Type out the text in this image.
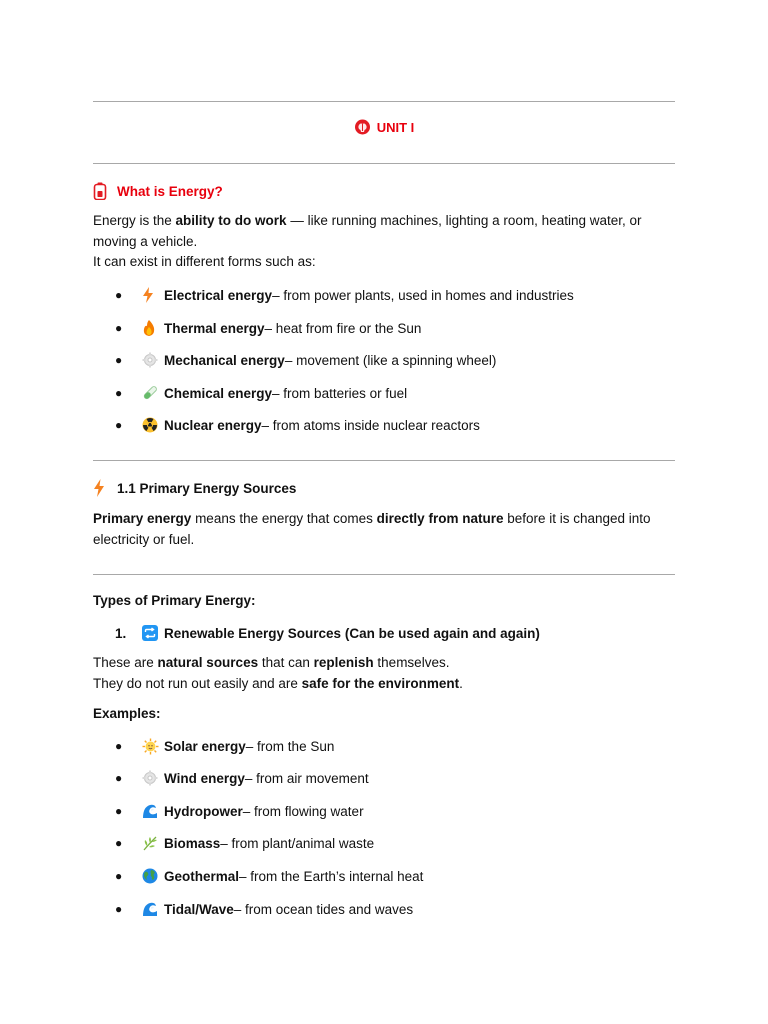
UNIT I
What is Energy?
Energy is the ability to do work — like running machines, lighting a room, heating water, or moving a vehicle.
It can exist in different forms such as:
●	Electrical energy – from power plants, used in homes and industries
●	Thermal energy – heat from fire or the Sun
●	Mechanical energy – movement (like a spinning wheel)
●	Chemical energy – from batteries or fuel
●	Nuclear energy – from atoms inside nuclear reactors
1.1 Primary Energy Sources
Primary energy means the energy that comes directly from nature before it is changed into electricity or fuel.
Types of Primary Energy:
1.	Renewable Energy Sources (Can be used again and again)
These are natural sources that can replenish themselves.
They do not run out easily and are safe for the environment.
Examples:
●	Solar energy – from the Sun
●	Wind energy – from air movement
●	Hydropower – from flowing water
●	Biomass – from plant/animal waste
●	Geothermal – from the Earth’s internal heat
●	Tidal/Wave – from ocean tides and waves
